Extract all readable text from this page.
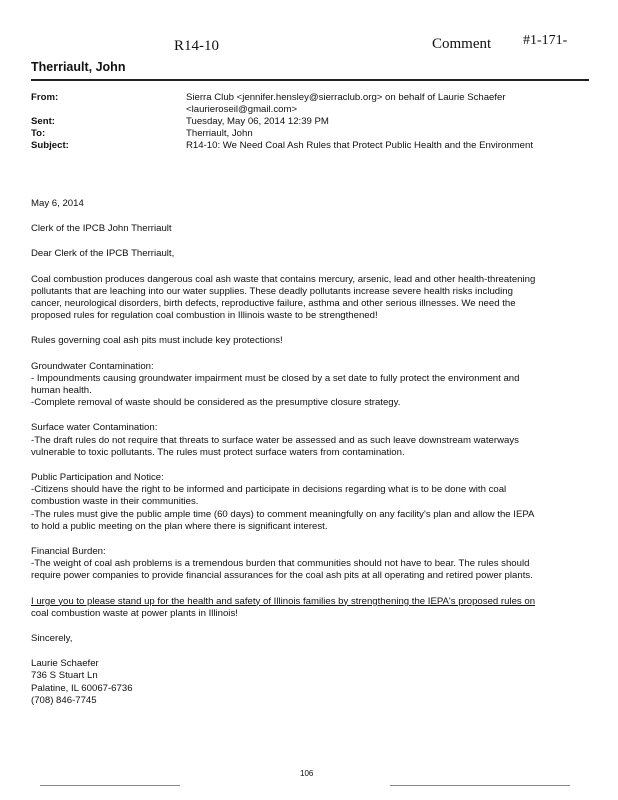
R14-10	Comment #1-171-
Therriault, John
From:	Sierra Club <jennifer.hensley@sierraclub.org> on behalf of Laurie Schaefer
<laurieroseil@gmail.com>
Sent:	Tuesday, May 06, 2014 12:39 PM
To:	Therriault, John
Subject:	R14-10: We Need Coal Ash Rules that Protect Public Health and the Environment

May 6, 2014

Clerk of the IPCB John Therriault

Dear Clerk of the IPCB Therriault,

Coal combustion produces dangerous coal ash waste that contains mercury, arsenic, lead and other health-threatening
pollutants that are leaching into our water supplies. These deadly pollutants increase severe health risks including
cancer, neurological disorders, birth defects, reproductive failure, asthma and other serious illnesses. We need the
proposed rules for regulation coal combustion in Illinois waste to be strengthened!

Rules governing coal ash pits must include key protections!

Groundwater Contamination:
- Impoundments causing groundwater impairment must be closed by a set date to fully protect the environment and
human health.
-Complete removal of waste should be considered as the presumptive closure strategy.

Surface water Contamination:
-The draft rules do not require that threats to surface water be assessed and as such leave downstream waterways
vulnerable to toxic pollutants. The rules must protect surface waters from contamination.

Public Participation and Notice:
-Citizens should have the right to be informed and participate in decisions regarding what is to be done with coal
combustion waste in their communities.
-The rules must give the public ample time (60 days) to comment meaningfully on any facility's plan and allow the IEPA
to hold a public meeting on the plan where there is significant interest.

Financial Burden:
-The weight of coal ash problems is a tremendous burden that communities should not have to bear. The rules should
require power companies to provide financial assurances for the coal ash pits at all operating and retired power plants.

I urge you to please stand up for the health and safety of Illinois families by strengthening the IEPA's proposed rules on
coal combustion waste at power plants in Illinois!

Sincerely,

Laurie Schaefer
736 S Stuart Ln
Palatine, IL 60067-6736
(708) 846-7745

106
